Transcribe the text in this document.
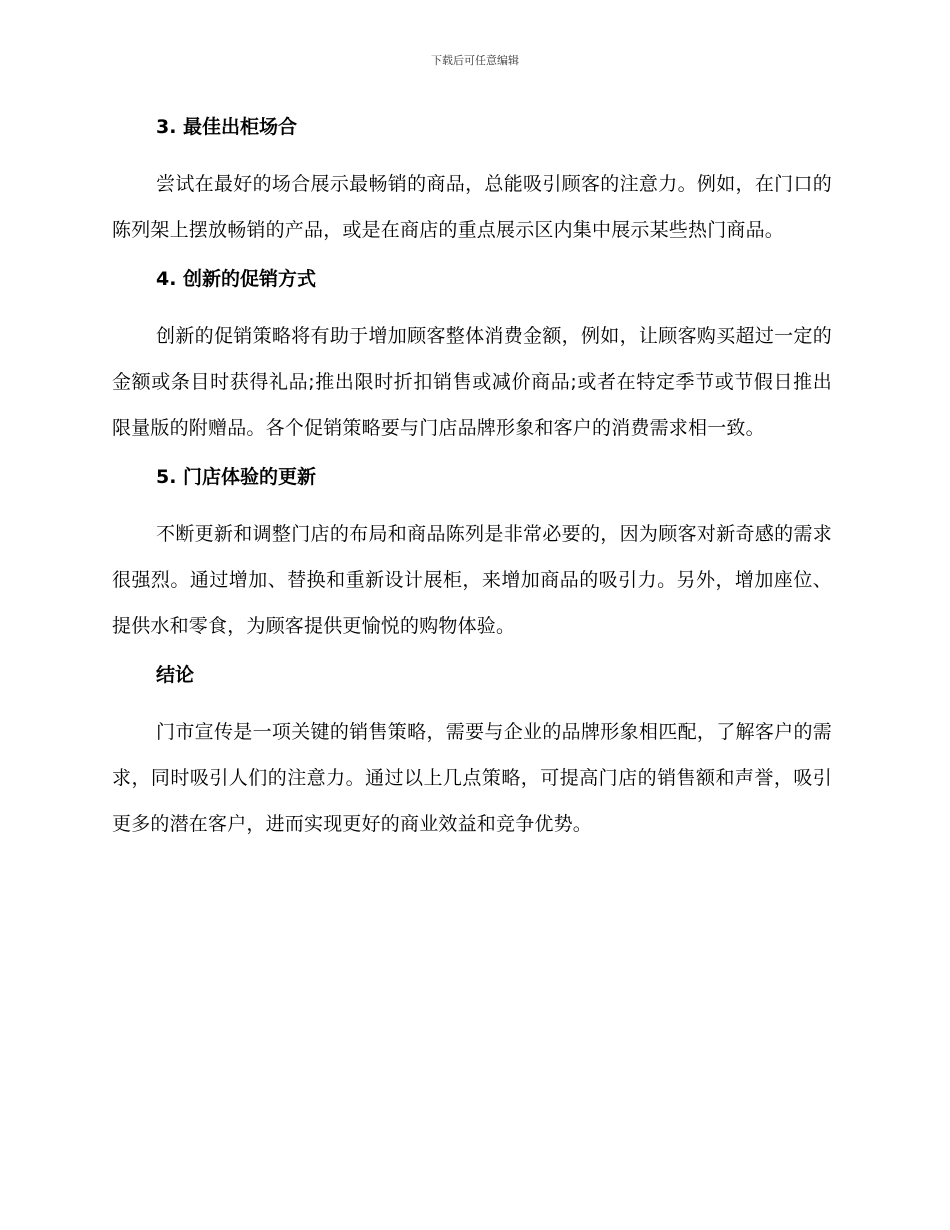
下载后可任意编辑
3. 最佳出柜场合

尝试在最好的场合展示最畅销的商品，总能吸引顾客的注意力。例如，在门口的陈列架上摆放畅销的产品，或是在商店的重点展示区内集中展示某些热门商品。

4. 创新的促销方式

创新的促销策略将有助于增加顾客整体消费金额，例如，让顾客购买超过一定的金额或条目时获得礼品;推出限时折扣销售或减价商品;或者在特定季节或节假日推出限量版的附赠品。各个促销策略要与门店品牌形象和客户的消费需求相一致。

5. 门店体验的更新

不断更新和调整门店的布局和商品陈列是非常必要的，因为顾客对新奇感的需求很强烈。通过增加、替换和重新设计展柜，来增加商品的吸引力。另外，增加座位、提供水和零食，为顾客提供更愉悦的购物体验。

结论

门市宣传是一项关键的销售策略，需要与企业的品牌形象相匹配，了解客户的需求，同时吸引人们的注意力。通过以上几点策略，可提高门店的销售额和声誉，吸引更多的潜在客户，进而实现更好的商业效益和竞争优势。
